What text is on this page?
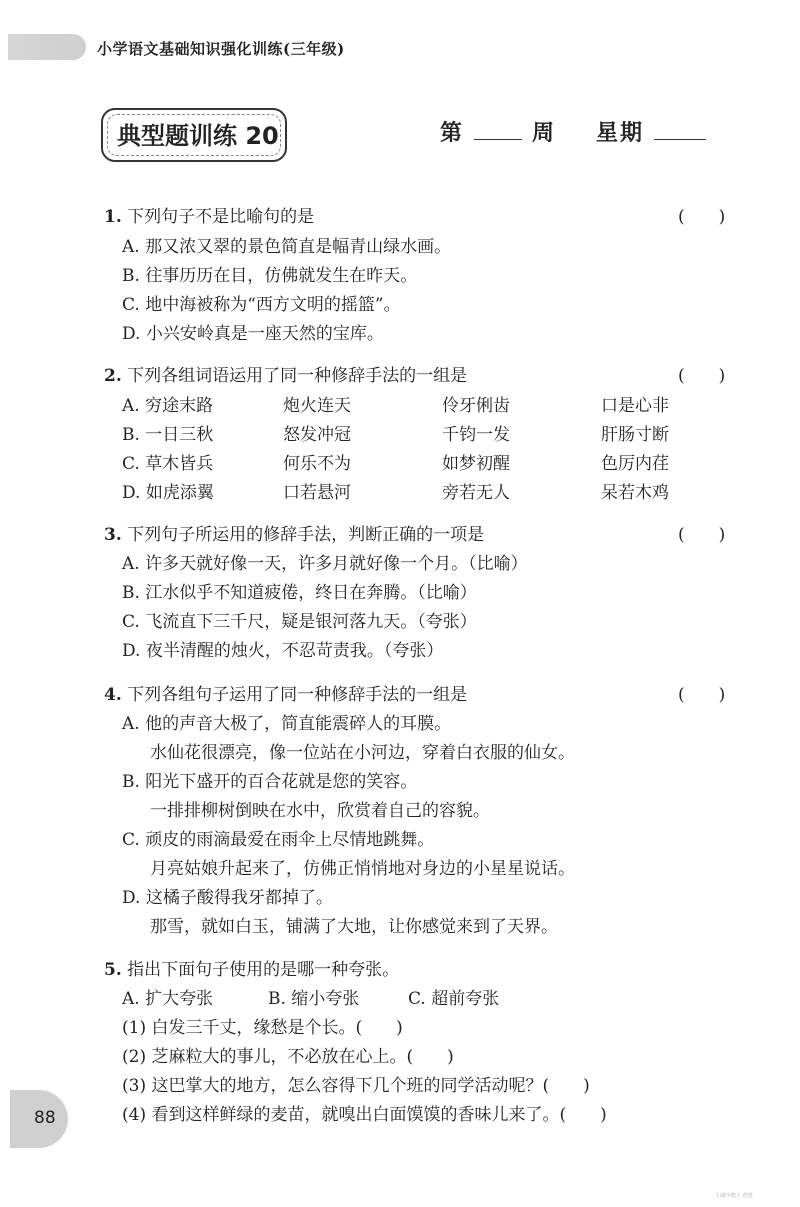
小学语文基础知识强化训练(三年级)
典型题训练 20	第	周 星期
1. 下列句子不是比喻句的是	(　　)
A. 那又浓又翠的景色简直是幅青山绿水画。
B. 往事历历在目，仿佛就发生在昨天。
C. 地中海被称为“西方文明的摇篮”。
D. 小兴安岭真是一座天然的宝库。
2. 下列各组词语运用了同一种修辞手法的一组是	(　　)
A. 穷途末路	炮火连天	伶牙俐齿	口是心非
B. 一日三秋	怒发冲冠	千钧一发	肝肠寸断
C. 草木皆兵	何乐不为	如梦初醒	色厉内荏
D. 如虎添翼	口若悬河	旁若无人	呆若木鸡
3. 下列句子所运用的修辞手法，判断正确的一项是	(　　)
A. 许多天就好像一天，许多月就好像一个月。（比喻）
B. 江水似乎不知道疲倦，终日在奔腾。（比喻）
C. 飞流直下三千尺，疑是银河落九天。（夸张）
D. 夜半清醒的烛火，不忍苛责我。（夸张）
4. 下列各组句子运用了同一种修辞手法的一组是	(　　)
A. 他的声音大极了，简直能震碎人的耳膜。
水仙花很漂亮，像一位站在小河边，穿着白衣服的仙女。
B. 阳光下盛开的百合花就是您的笑容。
一排排柳树倒映在水中，欣赏着自己的容貌。
C. 顽皮的雨滴最爱在雨伞上尽情地跳舞。
月亮姑娘升起来了，仿佛正悄悄地对身边的小星星说话。
D. 这橘子酸得我牙都掉了。
那雪，就如白玉，铺满了大地，让你感觉来到了天界。
5. 指出下面句子使用的是哪一种夸张。
A. 扩大夸张	B. 缩小夸张	C. 超前夸张
(1) 白发三千丈，缘愁是个长。(　　)
(2) 芝麻粒大的事儿，不必放在心上。(　　)
(3) 这巴掌大的地方，怎么容得下几个班的同学活动呢？(　　)
(4) 看到这样鲜绿的麦苗，就嗅出白面馍馍的香味儿来了。(　　)
88
扫描全能王 创建
